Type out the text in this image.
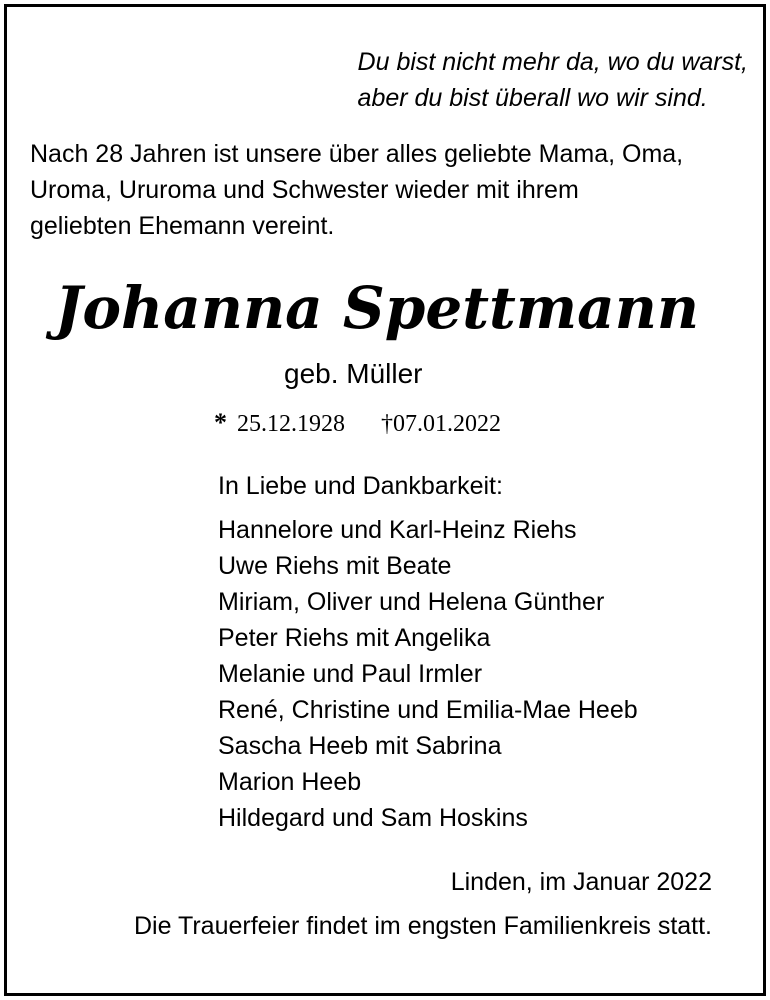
Du bist nicht mehr da, wo du warst,
aber du bist überall wo wir sind.
Nach 28 Jahren ist unsere über alles geliebte Mama, Oma,
Uroma, Ururoma und Schwester wieder mit ihrem
geliebten Ehemann vereint.
Johanna Spettmann
geb. Müller
* 25.12.1928 †07.01.2022
In Liebe und Dankbarkeit:
Hannelore und Karl-Heinz Riehs
Uwe Riehs mit Beate
Miriam, Oliver und Helena Günther
Peter Riehs mit Angelika
Melanie und Paul Irmler
René, Christine und Emilia-Mae Heeb
Sascha Heeb mit Sabrina
Marion Heeb
Hildegard und Sam Hoskins
Linden, im Januar 2022
Die Trauerfeier findet im engsten Familienkreis statt.
